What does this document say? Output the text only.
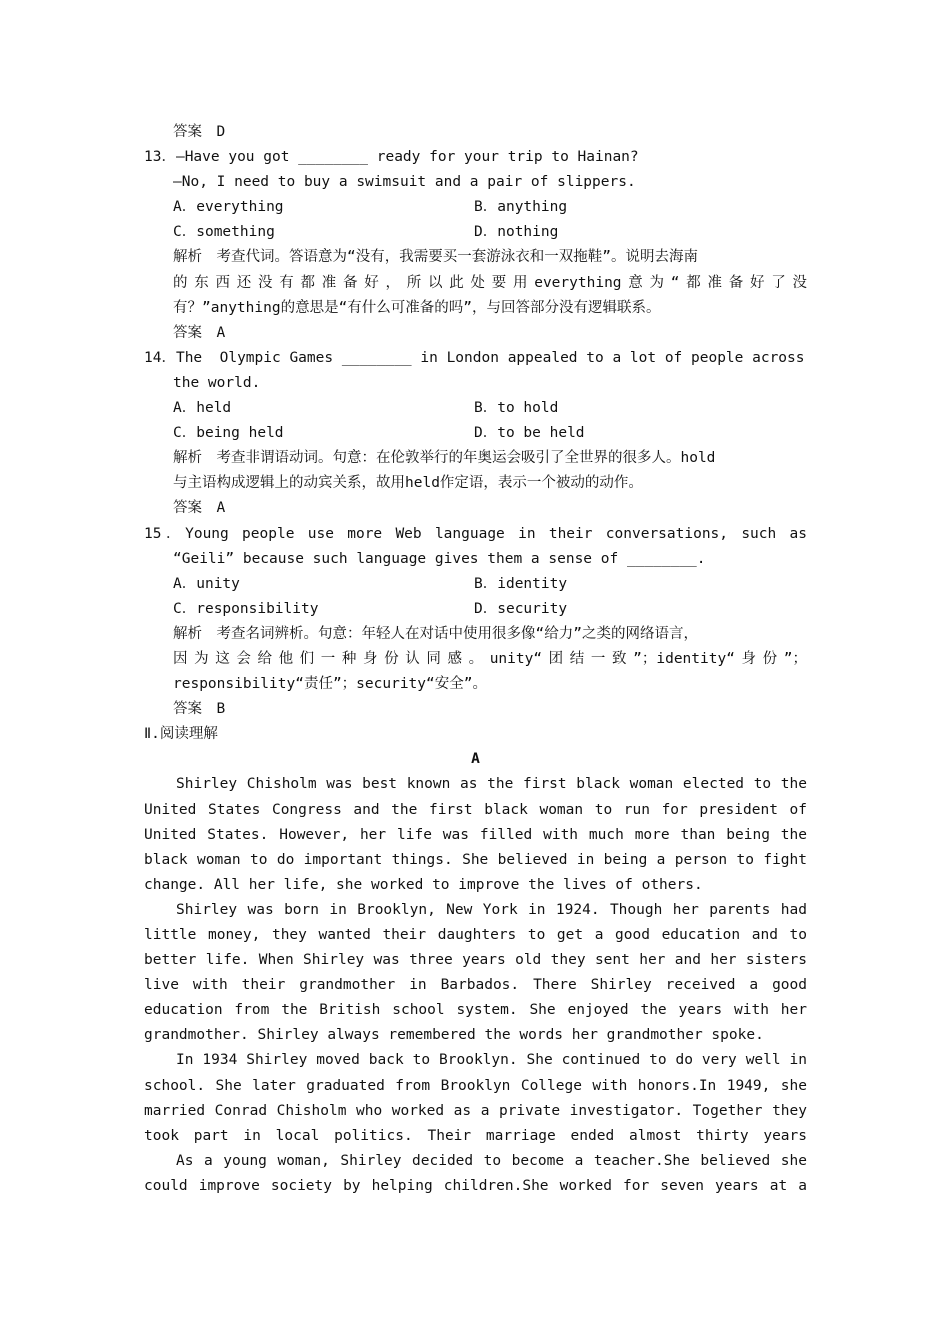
答案　D
13．—Have you got ________ ready for your trip to Hainan?
—No, I need to buy a swimsuit and a pair of slippers.
A．everything	B．anything
C．something	D．nothing
解析　考查代词。答语意为“没有，我需要买一套游泳衣和一双拖鞋”。说明去海南
的东西还没有都准备好，所以此处要用everything意为“都准备好了没
有？”anything的意思是“有什么可准备的吗”，与回答部分没有逻辑联系。
答案　A
14．The  Olympic Games ________ in London appealed to a lot of people across
the world.
A．held	B．to hold
C．being held	D．to be held
解析　考查非谓语动词。句意：在伦敦举行的年奥运会吸引了全世界的很多人。hold
与主语构成逻辑上的动宾关系，故用held作定语，表示一个被动的动作。
答案　A
15．Young people use more Web language in their conversations, such as
“Geili” because such language gives them a sense of ________.
A．unity	B．identity
C．responsibility	D．security
解析　考查名词辨析。句意：年轻人在对话中使用很多像“给力”之类的网络语言，
因为这会给他们一种身份认同感。unity“团结一致”；identity“身份”；
responsibility“责任”；security“安全”。
答案　B
Ⅱ.阅读理解
A
Shirley Chisholm was best known as the first black woman elected to the
United States Congress and the first black woman to run for president of
United States. However, her life was filled with much more than being the
black woman to do important things. She believed in being a person to fight
change. All her life, she worked to improve the lives of others.
Shirley was born in Brooklyn, New York in 1924. Though her parents had
little money, they wanted their daughters to get a good education and to
better life. When Shirley was three years old they sent her and her sisters
live with their grandmother in Barbados. There Shirley received a good
education from the British school system. She enjoyed the years with her
grandmother. Shirley always remembered the words her grandmother spoke.
In 1934 Shirley moved back to Brooklyn. She continued to do very well in
school. She later graduated from Brooklyn College with honors.In 1949, she
married Conrad Chisholm who worked as a private investigator. Together they
took part in local politics. Their marriage ended almost thirty years
As a young woman, Shirley decided to become a teacher.She believed she
could improve society by helping children.She worked for seven years at a
